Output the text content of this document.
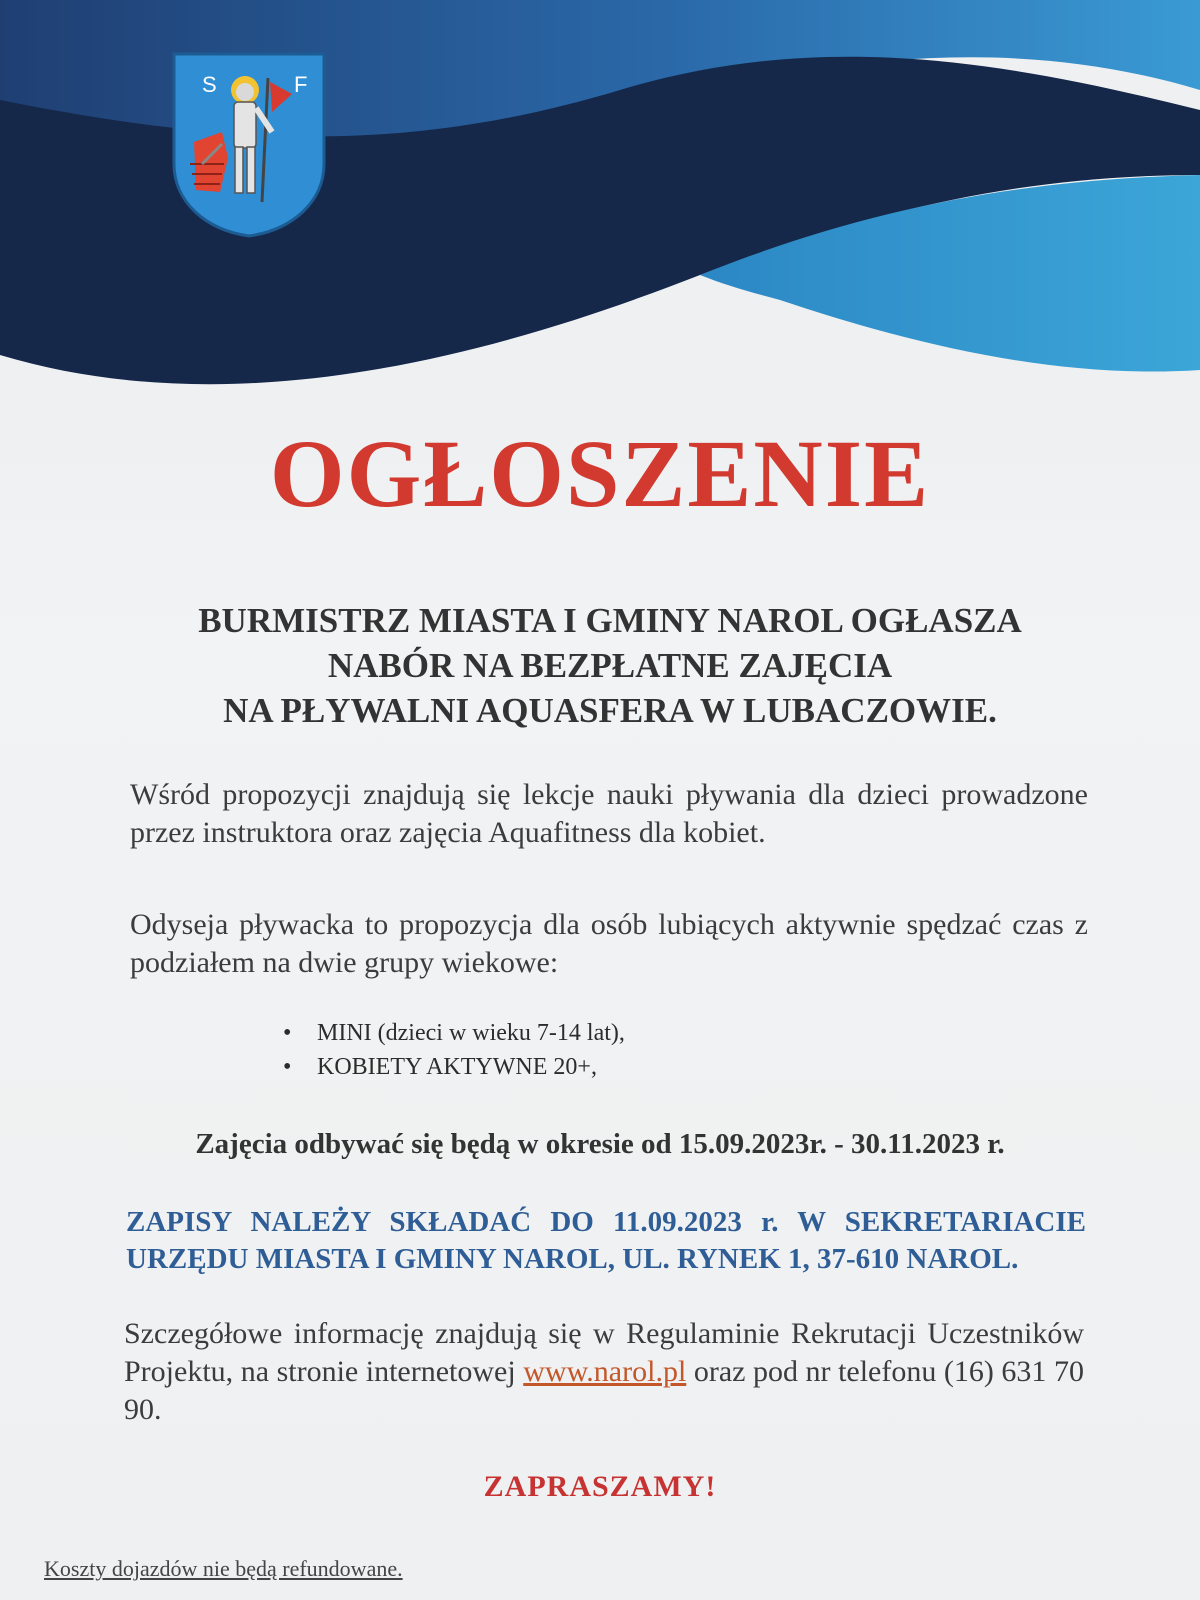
S	F
OGŁOSZENIE

BURMISTRZ MIASTA I GMINY NAROL OGŁASZA
NABÓR NA BEZPŁATNE ZAJĘCIA
NA PŁYWALNI AQUASFERA W LUBACZOWIE.

Wśród propozycji znajdują się lekcje nauki pływania dla dzieci prowadzone przez instruktora oraz zajęcia Aquafitness dla kobiet.

Odyseja pływacka to propozycja dla osób lubiących aktywnie spędzać czas z podziałem na dwie grupy wiekowe:

• MINI (dzieci w wieku 7-14 lat),
• KOBIETY AKTYWNE 20+,

Zajęcia odbywać się będą w okresie od 15.09.2023r. - 30.11.2023 r.

ZAPISY NALEŻY SKŁADAĆ DO 11.09.2023 r. W SEKRETARIACIE URZĘDU MIASTA I GMINY NAROL, UL. RYNEK 1, 37-610 NAROL.

Szczegółowe informację znajdują się w Regulaminie Rekrutacji Uczestników Projektu, na stronie internetowej www.narol.pl oraz pod nr telefonu (16) 631 70 90.

ZAPRASZAMY!

Koszty dojazdów nie będą refundowane.
